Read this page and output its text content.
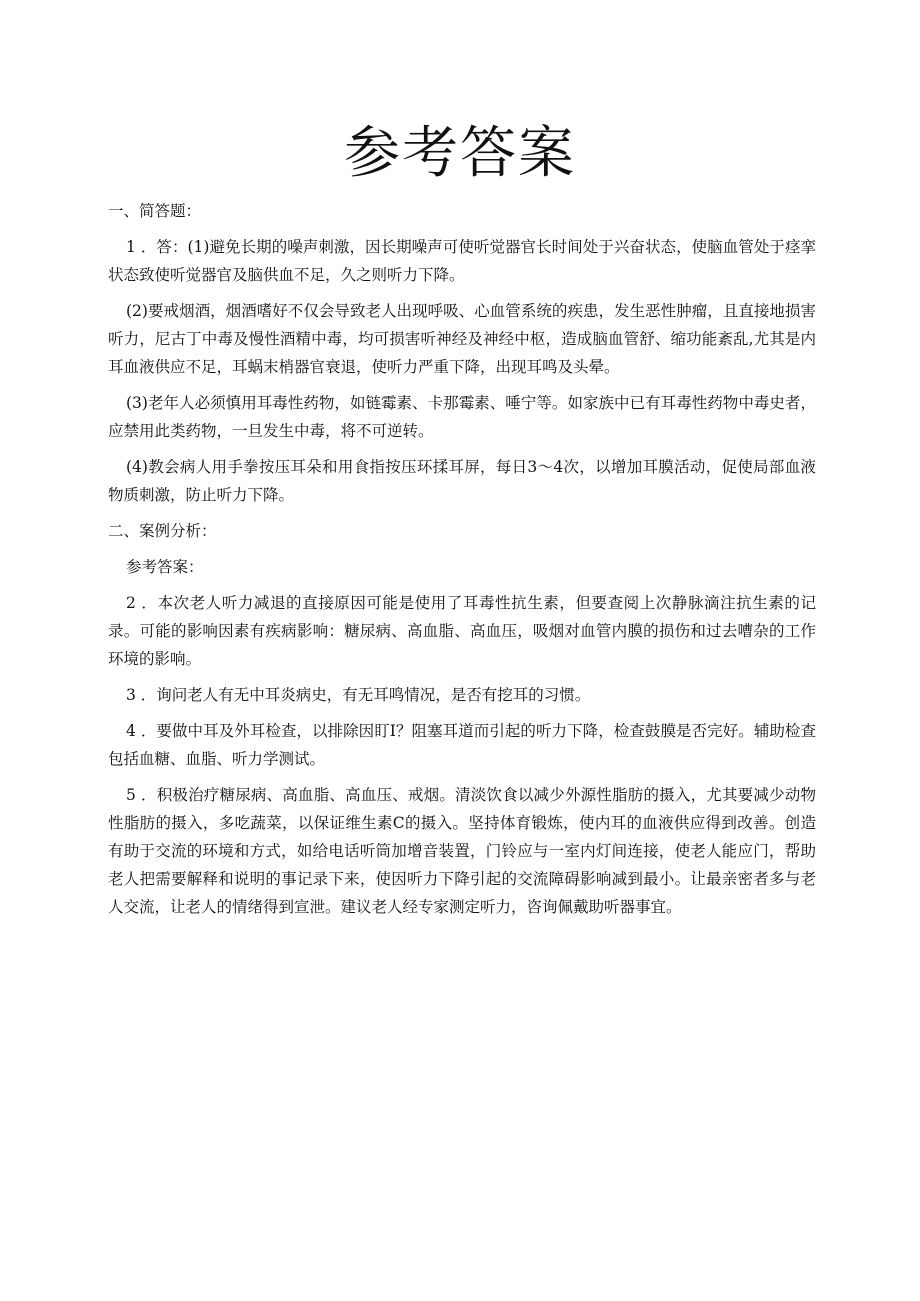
参考答案
一、简答题：

1 ．答：(1)避免长期的噪声刺激，因长期噪声可使听觉器官长时间处于兴奋状态，使脑血管处于痉挛状态致使听觉器官及脑供血不足，久之则听力下降。

(2)要戒烟酒，烟酒嗜好不仅会导致老人出现呼吸、心血管系统的疾患，发生恶性肿瘤，且直接地损害听力，尼古丁中毒及慢性酒精中毒，均可损害听神经及神经中枢，造成脑血管舒、缩功能紊乱,尤其是内耳血液供应不足，耳蜗末梢器官衰退，使听力严重下降，出现耳鸣及头晕。

(3)老年人必须慎用耳毒性药物，如链霉素、卡那霉素、唾宁等。如家族中已有耳毒性药物中毒史者，应禁用此类药物，一旦发生中毒，将不可逆转。

(4)教会病人用手拳按压耳朵和用食指按压环揉耳屏，每日3～4次，以增加耳膜活动，促使局部血液物质刺激，防止听力下降。

二、案例分析：

参考答案：

2 ．本次老人听力减退的直接原因可能是使用了耳毒性抗生素，但要查阅上次静脉滴注抗生素的记录。可能的影响因素有疾病影响：糖尿病、高血脂、高血压，吸烟对血管内膜的损伤和过去嘈杂的工作环境的影响。

3 ．询问老人有无中耳炎病史，有无耳鸣情况，是否有挖耳的习惯。

4 ．要做中耳及外耳检查，以排除因盯I？阻塞耳道而引起的听力下降，检查鼓膜是否完好。辅助检查包括血糖、血脂、听力学测试。

5 ．积极治疗糖尿病、高血脂、高血压、戒烟。清淡饮食以减少外源性脂肪的摄入，尤其要减少动物性脂肪的摄入，多吃蔬菜，以保证维生素C的摄入。坚持体育锻炼，使内耳的血液供应得到改善。创造有助于交流的环境和方式，如给电话听筒加增音装置，门铃应与一室内灯间连接，使老人能应门，帮助老人把需要解释和说明的事记录下来，使因听力下降引起的交流障碍影响减到最小。让最亲密者多与老人交流，让老人的情绪得到宣泄。建议老人经专家测定听力，咨询佩戴助听器事宜。
